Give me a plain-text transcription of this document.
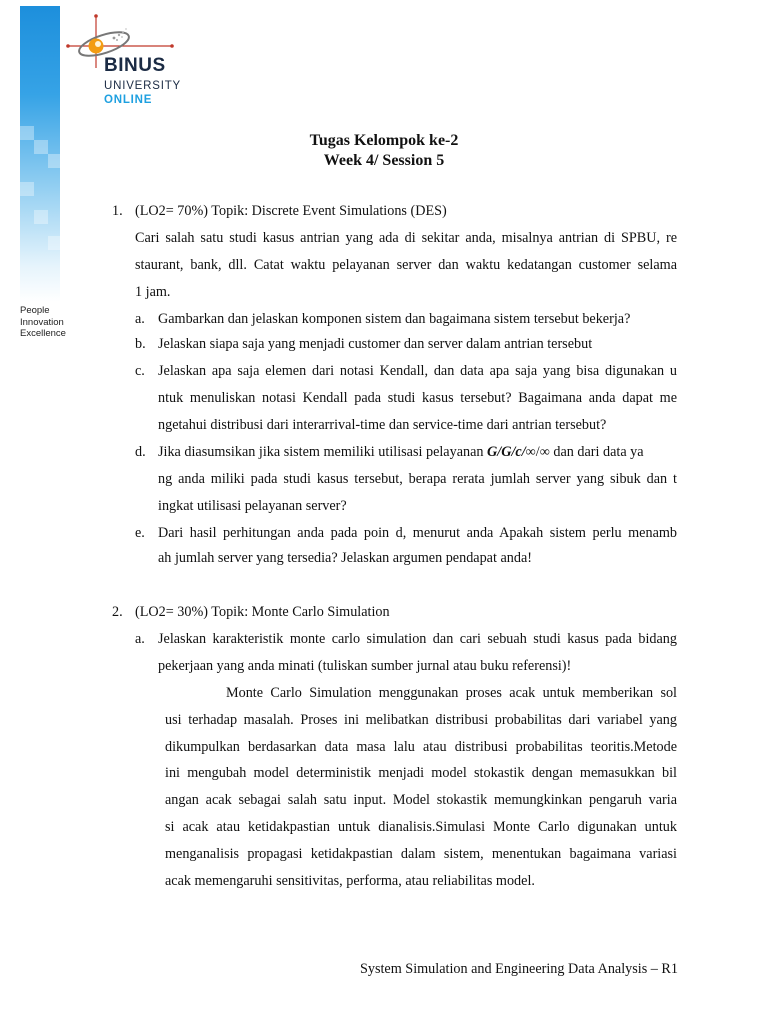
People
Innovation
Excellence
BINUS
UNIVERSITY
ONLINE
Tugas Kelompok ke-2
Week 4/ Session 5
1. (LO2= 70%) Topik: Discrete Event Simulations (DES)
Cari salah satu studi kasus antrian yang ada di sekitar anda, misalnya antrian di SPBU, re
staurant, bank, dll. Catat waktu pelayanan server dan waktu kedatangan customer selama
1 jam.
a. Gambarkan dan jelaskan komponen sistem dan bagaimana sistem tersebut bekerja?
b. Jelaskan siapa saja yang menjadi customer dan server dalam antrian tersebut
c. Jelaskan apa saja elemen dari notasi Kendall, dan data apa saja yang bisa digunakan u
ntuk menuliskan notasi Kendall pada studi kasus tersebut? Bagaimana anda dapat me
ngetahui distribusi dari interarrival-time dan service-time dari antrian tersebut?
d. Jika diasumsikan jika sistem memiliki utilisasi pelayanan G/G/c/∞/∞ dan dari data ya
ng anda miliki pada studi kasus tersebut, berapa rerata jumlah server yang sibuk dan t
ingkat utilisasi pelayanan server?
e. Dari hasil perhitungan anda pada poin d, menurut anda Apakah sistem perlu menamb
ah jumlah server yang tersedia? Jelaskan argumen pendapat anda!
2. (LO2= 30%) Topik: Monte Carlo Simulation
a. Jelaskan karakteristik monte carlo simulation dan cari sebuah studi kasus pada bidang
pekerjaan yang anda minati (tuliskan sumber jurnal atau buku referensi)!
Monte Carlo Simulation menggunakan proses acak untuk memberikan sol
usi terhadap masalah. Proses ini melibatkan distribusi probabilitas dari variabel yang
dikumpulkan berdasarkan data masa lalu atau distribusi probabilitas teoritis.Metode
ini mengubah model deterministik menjadi model stokastik dengan memasukkan bil
angan acak sebagai salah satu input. Model stokastik memungkinkan pengaruh varia
si acak atau ketidakpastian untuk dianalisis.Simulasi Monte Carlo digunakan untuk
menganalisis propagasi ketidakpastian dalam sistem, menentukan bagaimana variasi
acak memengaruhi sensitivitas, performa, atau reliabilitas model.
System Simulation and Engineering Data Analysis – R1
